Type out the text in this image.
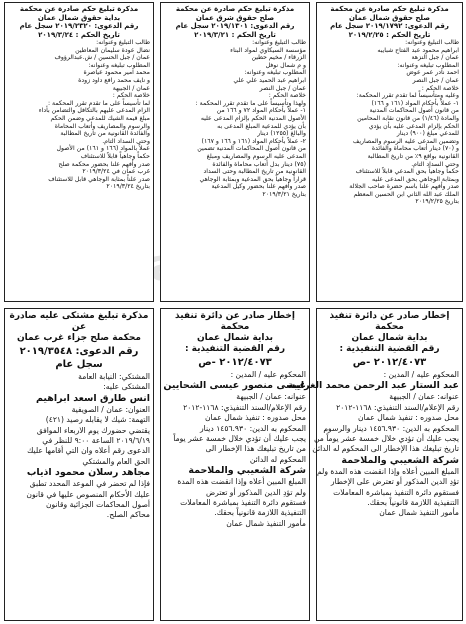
مذكرة تبليغ حكم صادرة عن محكمة
بداية حقوق شمال عمان
رقم الدعوى: ٢٠١٩/٢٣٢٠ سجل عام
تاريخ الحكم : ٢٠١٩/٣/٢٤
طالب التبليغ وعنوانه:
نضال عودة سليمان المعاطين
عمان / جبل الحسين / ش.عبدالرؤوف
المطلوب تبليغه وعنوانه:
محمد امير محمود عياصرة
و نايف محمد رافع داود زودة
عمان / الجبيهة
خلاصة الحكم :
لما تأسيساً على ما تقدم تقرر المحكمة :
الزام المدعى عليهم بالتكافل والتضامن بأداء
مبلغ قيمة الشيك للمدعي وضمن الحكم
والرسوم والمصاريف وأتعاب المحاماة
والفائدة القانونية من تاريخ المطالبة
وحتى السداد التام.
عملاً بالمواد (١٦٦ و ١٦١) من الأصول
حكماً وجاهياً قابلاً للاستئناف
صدر وأفهم علنا بحضور محكمة صلح
غرب عمان في ٢٠١٩/٣/٢٤
صدر علناً بمثابة الوجاهي قابل للاستئناف
بتاريخ ٢٠١٩/٣/٢٤
مذكرة تبليغ حكم صادرة عن محكمة
صلح حقوق شرق عمان
رقم الدعوى: ٢٠١٩/١٣٠١ سجل عام
تاريخ الحكم : ٢٠١٩/٣/٢١
طالب التبليغ وعنوانه:
مؤسسة السيكاوي لمواد البناء
الزرقاء / مخيم حطين
و م شمال نوفل
المطلوب تبليغه وعنوانه:
ابراهيم عبد الحميد علي علي
عمان / جبل النصر
خلاصة الحكم :
ولهذا وتأسيساً على ما تقدم تقرر المحكمة :
١- عملاً بأحكام المواد ٧٢ و ١٦٦ من
الأصول المدنية الحكم بإلزام المدعى عليه
بأن يؤدي للمدعية المبلغ المدعى به
والبالغ (١٢٥٥) دينار
٢- عملاً بأحكام المواد (١٦١ و ١٦٦ و ١٦٧)
من قانون أصول المحاكمات المدنية تضمين
المدعى عليه الرسوم والمصاريف ومبلغ
(٧٥) دينار بدل أتعاب محاماة والفائدة
القانونية من تاريخ المطالبة وحتى السداد
قراراً وجاهياً بحق المدعية وبمثابة الوجاهي
صدر وأفهم علنا بحضور وكيل المدعية
بتاريخ ٢٠١٩/٣/٢١
مذكرة تبليغ حكم صادرة عن محكمة
صلح حقوق شمال عمان
رقم الدعوى: ٢٠١٩/١٧٩٢ سجل عام
تاريخ الحكم : ٢٠١٩/٢/٢٥
طالب التبليغ وعنوانه:
ابراهيم محمود عبد الفتاح شبايبه
عمان / جبل النزهة
المطلوب تبليغه وعنوانه:
احمد نادر عمر عوض
عمان / جبل النصر
خلاصة الحكم :
وعليه ومتأسيساً لما تقدم تقرر المحكمة:
١- عملاً بأحكام المواد (١٦١ و ١٦٦)
من قانون أصول المحاكمات المدنية
والمادة (١/٤٦) من قانون نقابة المحامين
الحكم بإلزام المدعى عليه بأن يؤدي
للمدعي مبلغ (٩٠٠) دينار
وتضمين المدعى عليه الرسوم والمصاريف
و (٧٠) دينار أتعاب محاماة والفائدة
القانونية بواقع ٩٪ من تاريخ المطالبة
وحتى السداد التام.
حكماً وجاهياً بحق المدعي قابلاً للاستئناف
وبمثابة الوجاهي بحق المدعى عليه
صدر وأفهم علنا باسم حضرة صاحب الجلالة
الملك عبد الله الثاني ابن الحسين المعظم
بتاريخ ٢٠١٩/٢/٢٥
مذكرة تبليغ مشتكى عليه صادرة عن
محكمة صلح جزاء غرب عمان
رقم الدعوى: ٢٠١٩/٣٥٤٨ سجل عام
المشتكي: النيابة العامة
المشتكى عليه:
انس طارق اسعد ابراهيم
العنوان: عمان / الصويفية
التهمة: شيك لا يقابله رصيد (٤٢١)
يقتضي حضورك يوم الاربعاء الموافق
٢٠١٩/٦/١٩ الساعة ٩:٠٠ للنظر في
الدعوى رقم أعلاه وان التي أقامها عليك
الحق العام والمشتكي
مجاهد رسلان محمود اذياب
فإذا لم تحضر في الموعد المحدد تطبق
عليك الأحكام المنصوص عليها في قانون
أصول المحاكمات الجزائية وقانون
محاكم الصلح.
إخطار صادر عن دائرة تنفيذ محكمة
بداية شمال عمان
رقم القضية التنفيذية :
٢٠١٢/٤٠٧٣ -ص
المحكوم عليه / المدين :
عيسى منصور عيسى الشحايين
عنوانه: عمان / الجبيهة
رقم الإعلام/السند التنفيذي: ١١٦٨-٢٠١٢
محل صدوره : تنفيذ شمال عمان
المحكوم به الدين: ١٤٥٦.٩٣٠ دينار
يجب عليك أن تؤدي خلال خمسة عشر يوماً
من تاريخ تبليغك هذا الإخطار الى
المحكوم له الدائن
شركة الشعيبي والملاحمة
المبلغ المبين أعلاه وإذا انقضت هذه المدة
ولم تؤدِ الدين المذكور أو تعترض
فستقوم دائرة التنفيذ بمباشرة المعاملات
التنفيذية اللازمة قانونياً بحقك.
مأمور التنفيذ شمال عمان
إخطار صادر عن دائرة تنفيذ محكمة
بداية شمال عمان
رقم القضية التنفيذية :
٢٠١٢/٤٠٧٣ -ص
المحكوم عليه / المدين :
عبد الستار عبد الرحمن محمد الغرايبة
عنوانه: عمان / الجبيهة
رقم الإعلام/السند التنفيذي: ١١٦٨-٢٠١٢
محل صدوره : تنفيذ شمال عمان
المحكوم به الدين: ١٤٥٦.٩٣٠ دينار والرسوم
يجب عليك أن تؤدي خلال خمسة عشر يوماً من
تاريخ تبليغك هذا الإخطار الى المحكوم له الدائن
شركة الشعيبي والملاحمة
المبلغ المبين أعلاه وإذا انقضت هذه المدة ولم
تؤدِ الدين المذكور أو تعترض على الإخطار
فستقوم دائرة التنفيذ بمباشرة المعاملات
التنفيذية اللازمة قانونياً بحقك.
مأمور التنفيذ شمال عمان
